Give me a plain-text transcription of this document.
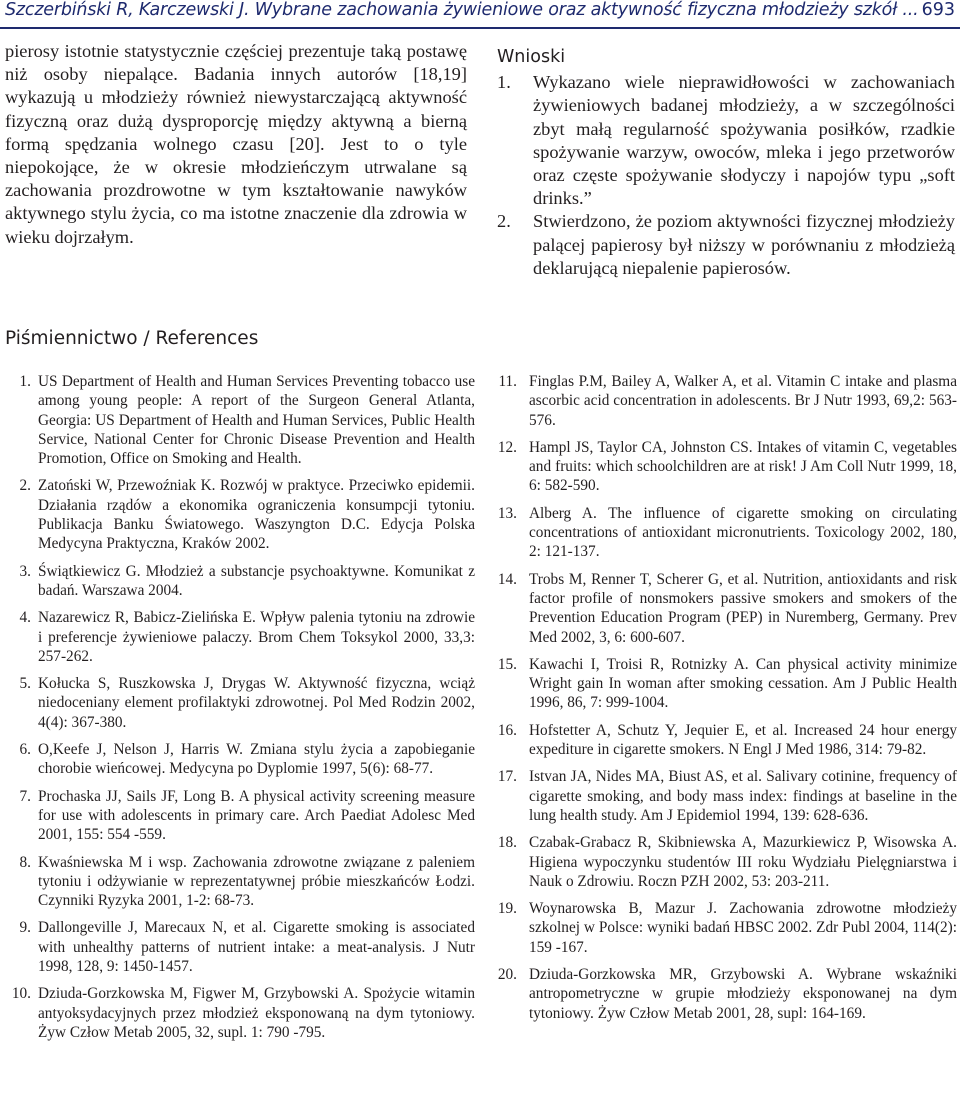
Szczerbiński R, Karczewski J. Wybrane zachowania żywieniowe oraz aktywność fizyczna młodzieży szkół ... 693

pierosy istotnie statystycznie częściej prezentuje taką postawę niż osoby niepalące. Badania innych autorów [18,19] wykazują u młodzieży również niewystarczającą aktywność fizyczną oraz dużą dysproporcję między aktywną a bierną formą spędzania wolnego czasu [20]. Jest to o tyle niepokojące, że w okresie młodzieńczym utrwalane są zachowania prozdrowotne w tym kształtowanie nawyków aktywnego stylu życia, co ma istotne znaczenie dla zdrowia w wieku dojrzałym.

Wnioski
1.	Wykazano wiele nieprawidłowości w zachowaniach żywieniowych badanej młodzieży, a w szczególności zbyt małą regularność spożywania posiłków, rzadkie spożywanie warzyw, owoców, mleka i jego przetworów oraz częste spożywanie słodyczy i napojów typu „soft drinks.”
2.	Stwierdzono, że poziom aktywności fizycznej młodzieży palącej papierosy był niższy w porównaniu z młodzieżą deklarującą niepalenie papierosów.
Piśmiennictwo / References
1. US Department of Health and Human Services Preventing tobacco use among young people: A report of the Surgeon General Atlanta, Georgia: US Department of Health and Human Services, Public Health Service, National Center for Chronic Disease Prevention and Health Promotion, Office on Smoking and Health.
2. Zatoński W, Przewoźniak K. Rozwój w praktyce. Przeciwko epidemii. Działania rządów a ekonomika ograniczenia konsumpcji tytoniu. Publikacja Banku Światowego. Waszyngton D.C. Edycja Polska Medycyna Praktyczna, Kraków 2002.
3. Świątkiewicz G. Młodzież a substancje psychoaktywne. Komunikat z badań. Warszawa 2004.
4. Nazarewicz R, Babicz-Zielińska E. Wpływ palenia tytoniu na zdrowie i preferencje żywieniowe palaczy. Brom Chem Toksykol 2000, 33,3: 257-262.
5. Kołucka S, Ruszkowska J, Drygas W. Aktywność fizyczna, wciąż niedoceniany element profilaktyki zdrowotnej. Pol Med Rodzin 2002, 4(4): 367-380.
6. O,Keefe J, Nelson J, Harris W. Zmiana stylu życia a zapobieganie chorobie wieńcowej. Medycyna po Dyplomie 1997, 5(6): 68-77.
7. Prochaska JJ, Sails JF, Long B. A physical activity screening measure for use with adolescents in primary care. Arch Paediat Adolesc Med 2001, 155: 554 -559.
8. Kwaśniewska M i wsp. Zachowania zdrowotne związane z paleniem tytoniu i odżywianie w reprezentatywnej próbie mieszkańców Łodzi. Czynniki Ryzyka 2001, 1-2: 68-73.
9. Dallongeville J, Marecaux N, et al. Cigarette smoking is associated with unhealthy patterns of nutrient intake: a meat-analysis. J Nutr 1998, 128, 9: 1450-1457.
10. Dziuda-Gorzkowska M, Figwer M, Grzybowski A. Spożycie witamin antyoksydacyjnych przez młodzież eksponowaną na dym tytoniowy. Żyw Człow Metab 2005, 32, supl. 1: 790 -795.
11. Finglas P.M, Bailey A, Walker A, et al. Vitamin C intake and plasma ascorbic acid concentration in adolescents. Br J Nutr 1993, 69,2: 563-576.
12. Hampl JS, Taylor CA, Johnston CS. Intakes of vitamin C, vegetables and fruits: which schoolchildren are at risk! J Am Coll Nutr 1999, 18, 6: 582-590.
13. Alberg A. The influence of cigarette smoking on circulating concentrations of antioxidant micronutrients. Toxicology 2002, 180, 2: 121-137.
14. Trobs M, Renner T, Scherer G, et al. Nutrition, antioxidants and risk factor profile of nonsmokers passive smokers and smokers of the Prevention Education Program (PEP) in Nuremberg, Germany. Prev Med 2002, 3, 6: 600-607.
15. Kawachi I, Troisi R, Rotnizky A. Can physical activity minimize Wright gain In woman after smoking cessation. Am J Public Health 1996, 86, 7: 999-1004.
16. Hofstetter A, Schutz Y, Jequier E, et al. Increased 24 hour energy expediture in cigarette smokers. N Engl J Med 1986, 314: 79-82.
17. Istvan JA, Nides MA, Biust AS, et al. Salivary cotinine, frequency of cigarette smoking, and body mass index: findings at baseline in the lung health study. Am J Epidemiol 1994, 139: 628-636.
18. Czabak-Grabacz R, Skibniewska A, Mazurkiewicz P, Wisowska A. Higiena wypoczynku studentów III roku Wydziału Pielęgniarstwa i Nauk o Zdrowiu. Roczn PZH 2002, 53: 203-211.
19. Woynarowska B, Mazur J. Zachowania zdrowotne młodzieży szkolnej w Polsce: wyniki badań HBSC 2002. Zdr Publ 2004, 114(2): 159 -167.
20. Dziuda-Gorzkowska MR, Grzybowski A. Wybrane wskaźniki antropometryczne w grupie młodzieży eksponowanej na dym tytoniowy. Żyw Człow Metab 2001, 28, supl: 164-169.
